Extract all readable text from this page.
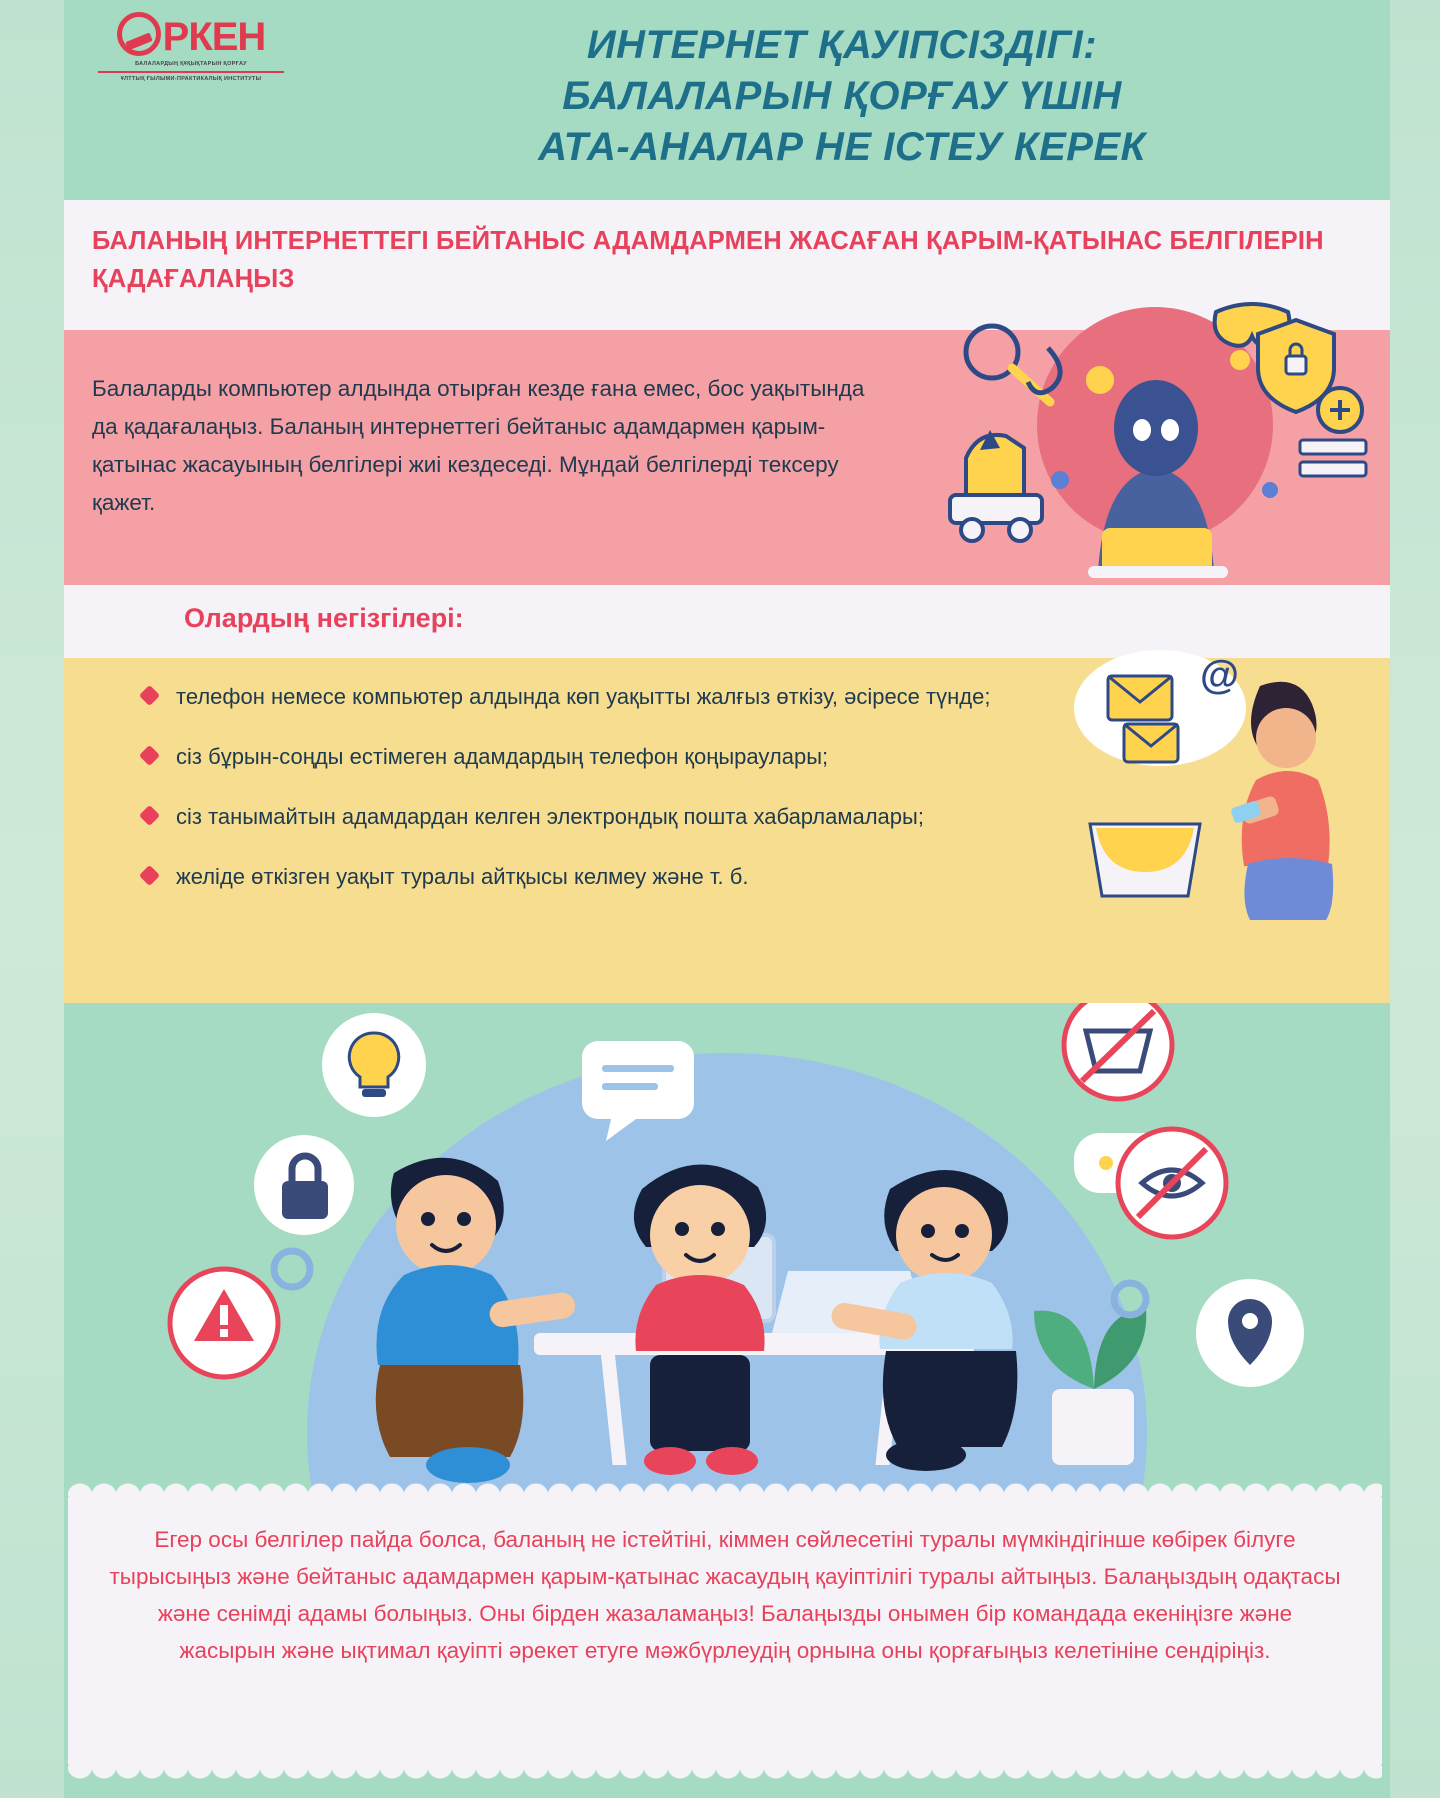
РКЕН
БАЛАЛАРДЫҢ ҚҰҚЫҚТАРЫН ҚОРҒАУ
ҰЛТТЫҚ ҒЫЛЫМИ-ПРАКТИКАЛЫҚ ИНСТИТУТЫ
ИНТЕРНЕТ ҚАУІПСІЗДІГІ:
БАЛАЛАРЫН ҚОРҒАУ ҮШІН
АТА-АНАЛАР НЕ ІСТЕУ КЕРЕК
БАЛАНЫҢ ИНТЕРНЕТТЕГІ БЕЙТАНЫС АДАМДАРМЕН ЖАСАҒАН ҚАРЫМ-ҚАТЫНАС БЕЛГІЛЕРІН ҚАДАҒАЛАҢЫЗ
Балаларды компьютер алдында отырған кезде ғана емес, бос уақытында да қадағалаңыз. Баланың интернеттегі бейтаныс адамдармен қарым-қатынас жасауының белгілері жиі кездеседі. Мұндай белгілерді тексеру қажет.
Олардың негізгілері:
телефон немесе компьютер алдында көп уақытты жалғыз өткізу, әсіресе түнде;
сіз бұрын-соңды естімеген адамдардың телефон қоңыраулары;
сіз танымайтын адамдардан келген электрондық пошта хабарламалары;
желіде өткізген уақыт туралы айтқысы келмеу және т. б.
@
Егер осы белгілер пайда болса, баланың не істейтіні, кіммен сөйлесетіні туралы мүмкіндігінше көбірек білуге тырысыңыз және бейтаныс адамдармен қарым-қатынас жасаудың қауіптілігі туралы айтыңыз. Балаңыздың одақтасы және сенімді адамы болыңыз. Оны бірден жазаламаңыз! Балаңызды онымен бір командада екеніңізге және жасырын және ықтимал қауіпті әрекет етуге мәжбүрлеудің орнына оны қорғағыңыз келетініне сендіріңіз.
